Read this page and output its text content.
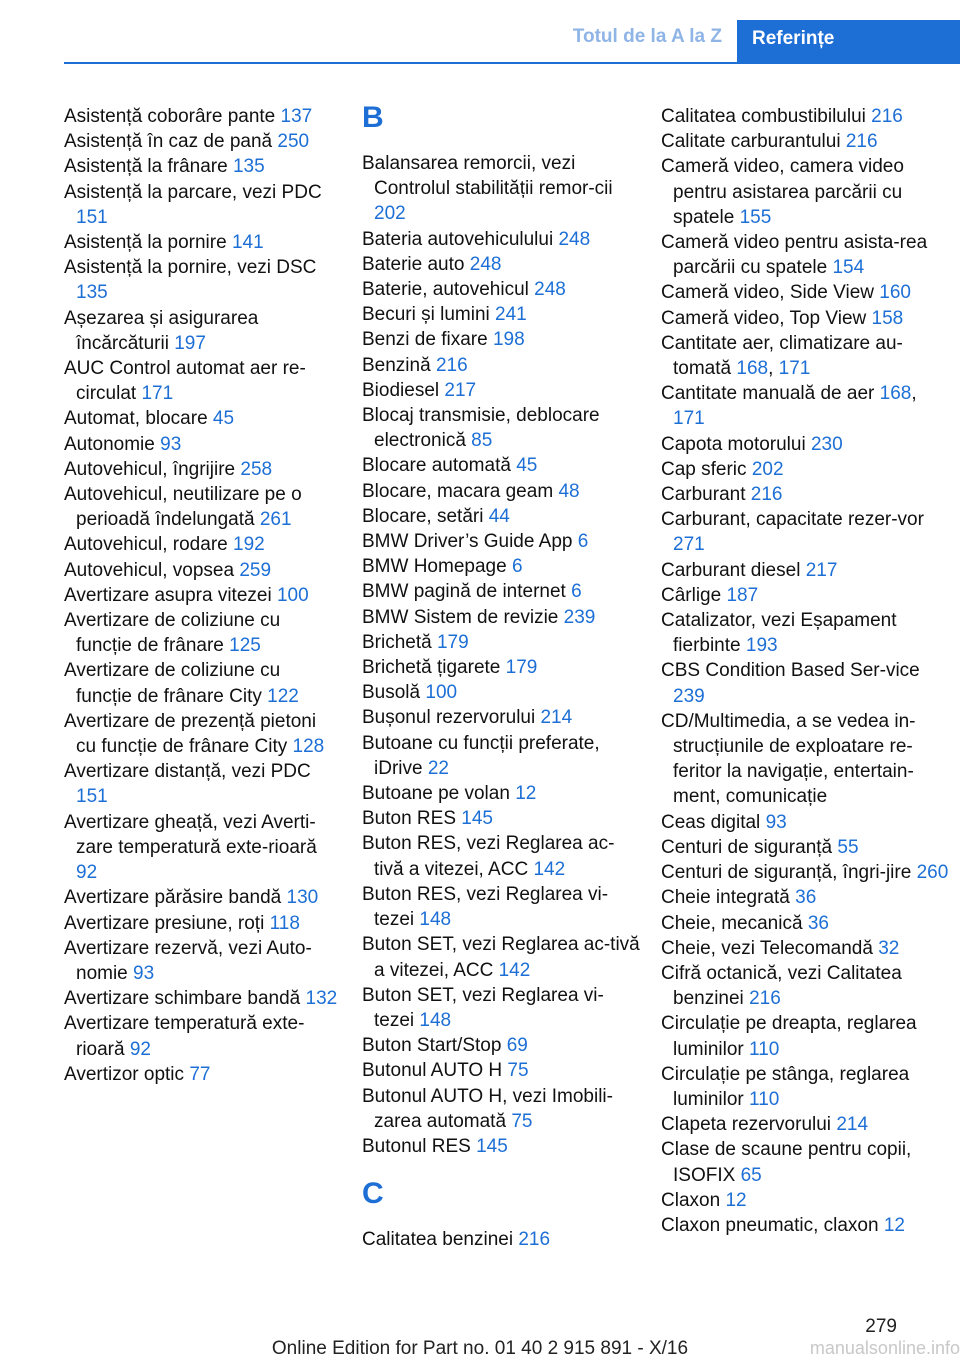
Totul de la A la Z	Referințe
Asistență coborâre pante 137
Asistență în caz de pană 250
Asistență la frânare 135
Asistență la parcare, vezi PDC 151
Asistență la pornire 141
Asistență la pornire, vezi DSC 135
Așezarea și asigurarea încărcăturii 197
AUC Control automat aer re‐circulat 171
Automat, blocare 45
Autonomie 93
Autovehicul, îngrijire 258
Autovehicul, neutilizare pe o perioadă îndelungată 261
Autovehicul, rodare 192
Autovehicul, vopsea 259
Avertizare asupra vitezei 100
Avertizare de coliziune cu funcție de frânare 125
Avertizare de coliziune cu funcție de frânare City 122
Avertizare de prezență pietoni cu funcție de frânare City 128
Avertizare distanță, vezi PDC 151
Avertizare gheață, vezi Averti‐zare temperatură exte‐rioară 92
Avertizare părăsire bandă 130
Avertizare presiune, roți 118
Avertizare rezervă, vezi Auto‐nomie 93
Avertizare schimbare bandă 132
Avertizare temperatură exte‐rioară 92
Avertizor optic 77
B
Balansarea remorcii, vezi Controlul stabilității remor‐cii 202
Bateria autovehiculului 248
Baterie auto 248
Baterie, autovehicul 248
Becuri și lumini 241
Benzi de fixare 198
Benzină 216
Biodiesel 217
Blocaj transmisie, deblocare electronică 85
Blocare automată 45
Blocare, macara geam 48
Blocare, setări 44
BMW Driver’s Guide App 6
BMW Homepage 6
BMW pagină de internet 6
BMW Sistem de revizie 239
Brichetă 179
Brichetă țigarete 179
Busolă 100
Bușonul rezervorului 214
Butoane cu funcții preferate, iDrive 22
Butoane pe volan 12
Buton RES 145
Buton RES, vezi Reglarea ac‐tivă a vitezei, ACC 142
Buton RES, vezi Reglarea vi‐tezei 148
Buton SET, vezi Reglarea ac‐tivă a vitezei, ACC 142
Buton SET, vezi Reglarea vi‐tezei 148
Buton Start/Stop 69
Butonul AUTO H 75
Butonul AUTO H, vezi Imobili‐zarea automată 75
Butonul RES 145
C
Calitatea benzinei 216
Calitatea combustibilului 216
Calitate carburantului 216
Cameră video, camera video pentru asistarea parcării cu spatele 155
Cameră video pentru asista‐rea parcării cu spatele 154
Cameră video, Side View 160
Cameră video, Top View 158
Cantitate aer, climatizare au‐tomată 168, 171
Cantitate manuală de aer 168, 171
Capota motorului 230
Cap sferic 202
Carburant 216
Carburant, capacitate rezer‐vor 271
Carburant diesel 217
Cârlige 187
Catalizator, vezi Eșapament fierbinte 193
CBS Condition Based Ser‐vice 239
CD/Multimedia, a se vedea in‐strucțiunile de exploatare re‐feritor la navigație, entertain‐ment, comunicație
Ceas digital 93
Centuri de siguranță 55
Centuri de siguranță, îngri‐jire 260
Cheie integrată 36
Cheie, mecanică 36
Cheie, vezi Telecomandă 32
Cifră octanică, vezi Calitatea benzinei 216
Circulație pe dreapta, reglarea luminilor 110
Circulație pe stânga, reglarea luminilor 110
Clapeta rezervorului 214
Clase de scaune pentru copii, ISOFIX 65
Claxon 12
Claxon pneumatic, claxon 12
279
Online Edition for Part no. 01 40 2 915 891 - X/16	manualsonline.info
